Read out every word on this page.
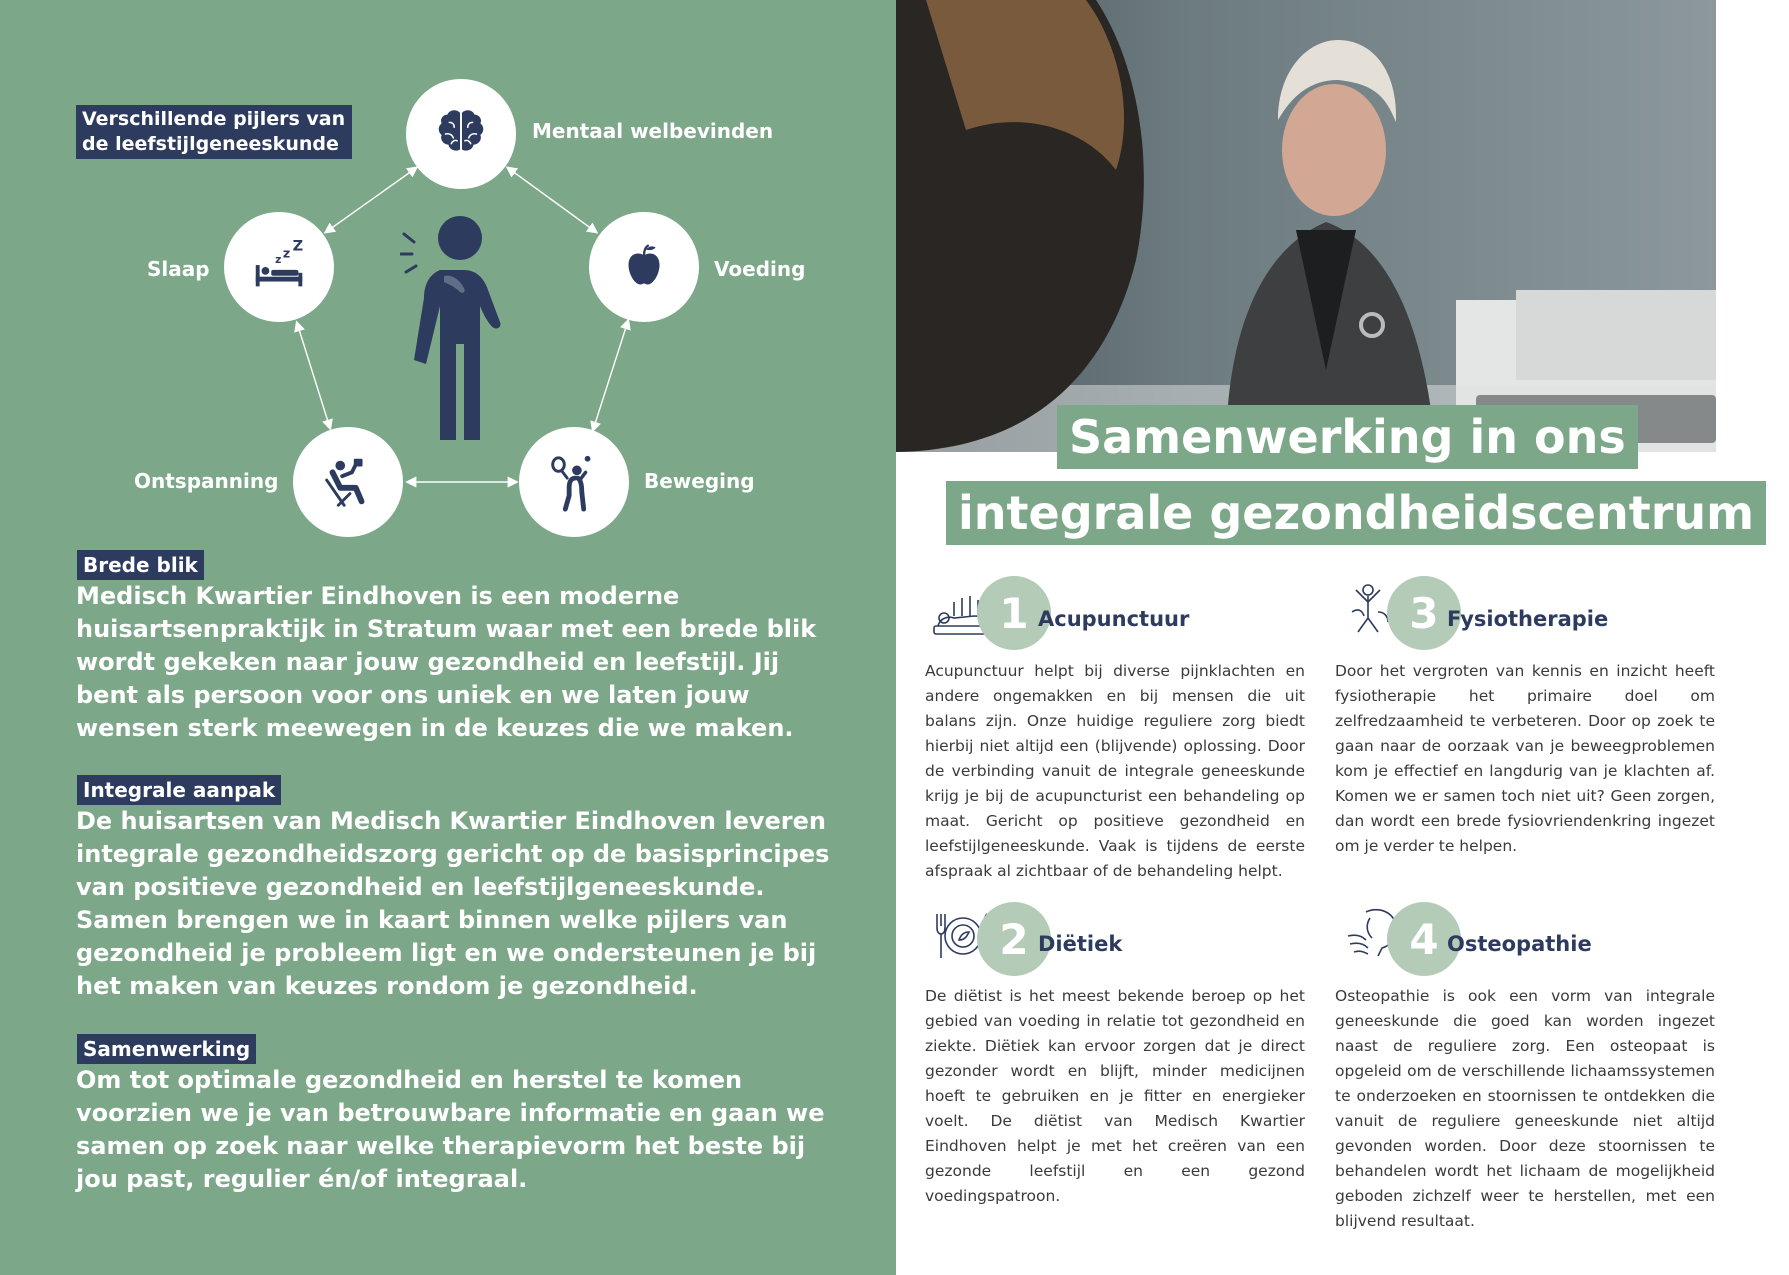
Verschillende pijlers van
de leefstijlgeneeskunde
Mentaal welbevinden
z z Z
Slaap	Voeding
Ontspanning	Beweging
Brede blik

Medisch Kwartier Eindhoven is een moderne huisartsenpraktijk in Stratum waar met een brede blik wordt gekeken naar jouw gezondheid en leefstijl. Jij bent als persoon voor ons uniek en we laten jouw wensen sterk meewegen in de keuzes die we maken.

Integrale aanpak

De huisartsen van Medisch Kwartier Eindhoven leveren integrale gezondheidszorg gericht op de basisprincipes van positieve gezondheid en leefstijlgeneeskunde. Samen brengen we in kaart binnen welke pijlers van gezondheid je probleem ligt en we ondersteunen je bij het maken van keuzes rondom je gezondheid.

Samenwerking

Om tot optimale gezondheid en herstel te komen voorzien we je van betrouwbare informatie en gaan we samen op zoek naar welke therapievorm het beste bij jou past, regulier én/of integraal.

Samenwerking in ons
integrale gezondheidscentrum
1 Acupunctuur

Acupunctuur helpt bij diverse pijnklachten en andere ongemakken en bij mensen die uit balans zijn. Onze huidige reguliere zorg biedt hierbij niet altijd een (blijvende) oplossing. Door de verbinding vanuit de integrale geneeskunde krijg je bij de acupuncturist een behandeling op maat. Gericht op positieve gezondheid en leefstijlgeneeskunde. Vaak is tijdens de eerste afspraak al zichtbaar of de behandeling helpt.

2 Diëtiek

De diëtist is het meest bekende beroep op het gebied van voeding in relatie tot gezondheid en ziekte. Diëtiek kan ervoor zorgen dat je direct gezonder wordt en blijft, minder medicijnen hoeft te gebruiken en je fitter en energieker voelt. De diëtist van Medisch Kwartier Eindhoven helpt je met het creëren van een gezonde leefstijl en een gezond voedingspatroon.

3 Fysiotherapie

Door het vergroten van kennis en inzicht heeft fysiotherapie het primaire doel om zelfredzaamheid te verbeteren. Door op zoek te gaan naar de oorzaak van je beweegproblemen kom je effectief en langdurig van je klachten af. Komen we er samen toch niet uit? Geen zorgen, dan wordt een brede fysiovriendenkring ingezet om je verder te helpen.

4 Osteopathie

Osteopathie is ook een vorm van integrale geneeskunde die goed kan worden ingezet naast de reguliere zorg. Een osteopaat is opgeleid om de verschillende lichaamssystemen te onderzoeken en stoornissen te ontdekken die vanuit de reguliere geneeskunde niet altijd gevonden worden. Door deze stoornissen te behandelen wordt het lichaam de mogelijkheid geboden zichzelf weer te herstellen, met een blijvend resultaat.
